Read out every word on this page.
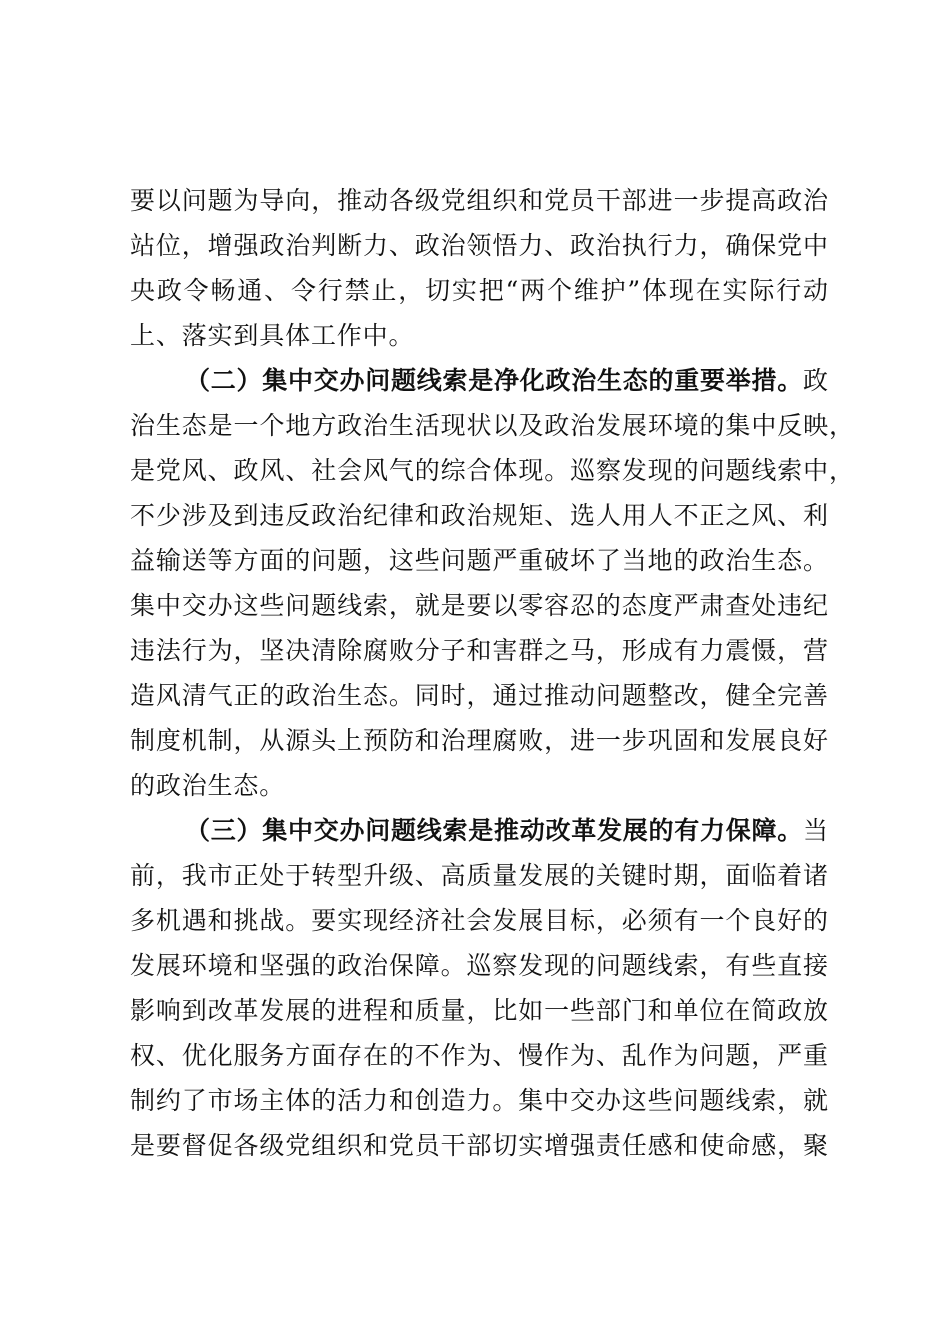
要以问题为导向，推动各级党组织和党员干部进一步提高政治
站位，增强政治判断力、政治领悟力、政治执行力，确保党中
央政令畅通、令行禁止，切实把“两个维护”体现在实际行动
上、落实到具体工作中。
（二）集中交办问题线索是净化政治生态的重要举措。政
治生态是一个地方政治生活现状以及政治发展环境的集中反映，
是党风、政风、社会风气的综合体现。巡察发现的问题线索中，
不少涉及到违反政治纪律和政治规矩、选人用人不正之风、利
益输送等方面的问题，这些问题严重破坏了当地的政治生态。
集中交办这些问题线索，就是要以零容忍的态度严肃查处违纪
违法行为，坚决清除腐败分子和害群之马，形成有力震慑，营
造风清气正的政治生态。同时，通过推动问题整改，健全完善
制度机制，从源头上预防和治理腐败，进一步巩固和发展良好
的政治生态。
（三）集中交办问题线索是推动改革发展的有力保障。当
前，我市正处于转型升级、高质量发展的关键时期，面临着诸
多机遇和挑战。要实现经济社会发展目标，必须有一个良好的
发展环境和坚强的政治保障。巡察发现的问题线索，有些直接
影响到改革发展的进程和质量，比如一些部门和单位在简政放
权、优化服务方面存在的不作为、慢作为、乱作为问题，严重
制约了市场主体的活力和创造力。集中交办这些问题线索，就
是要督促各级党组织和党员干部切实增强责任感和使命感，聚
